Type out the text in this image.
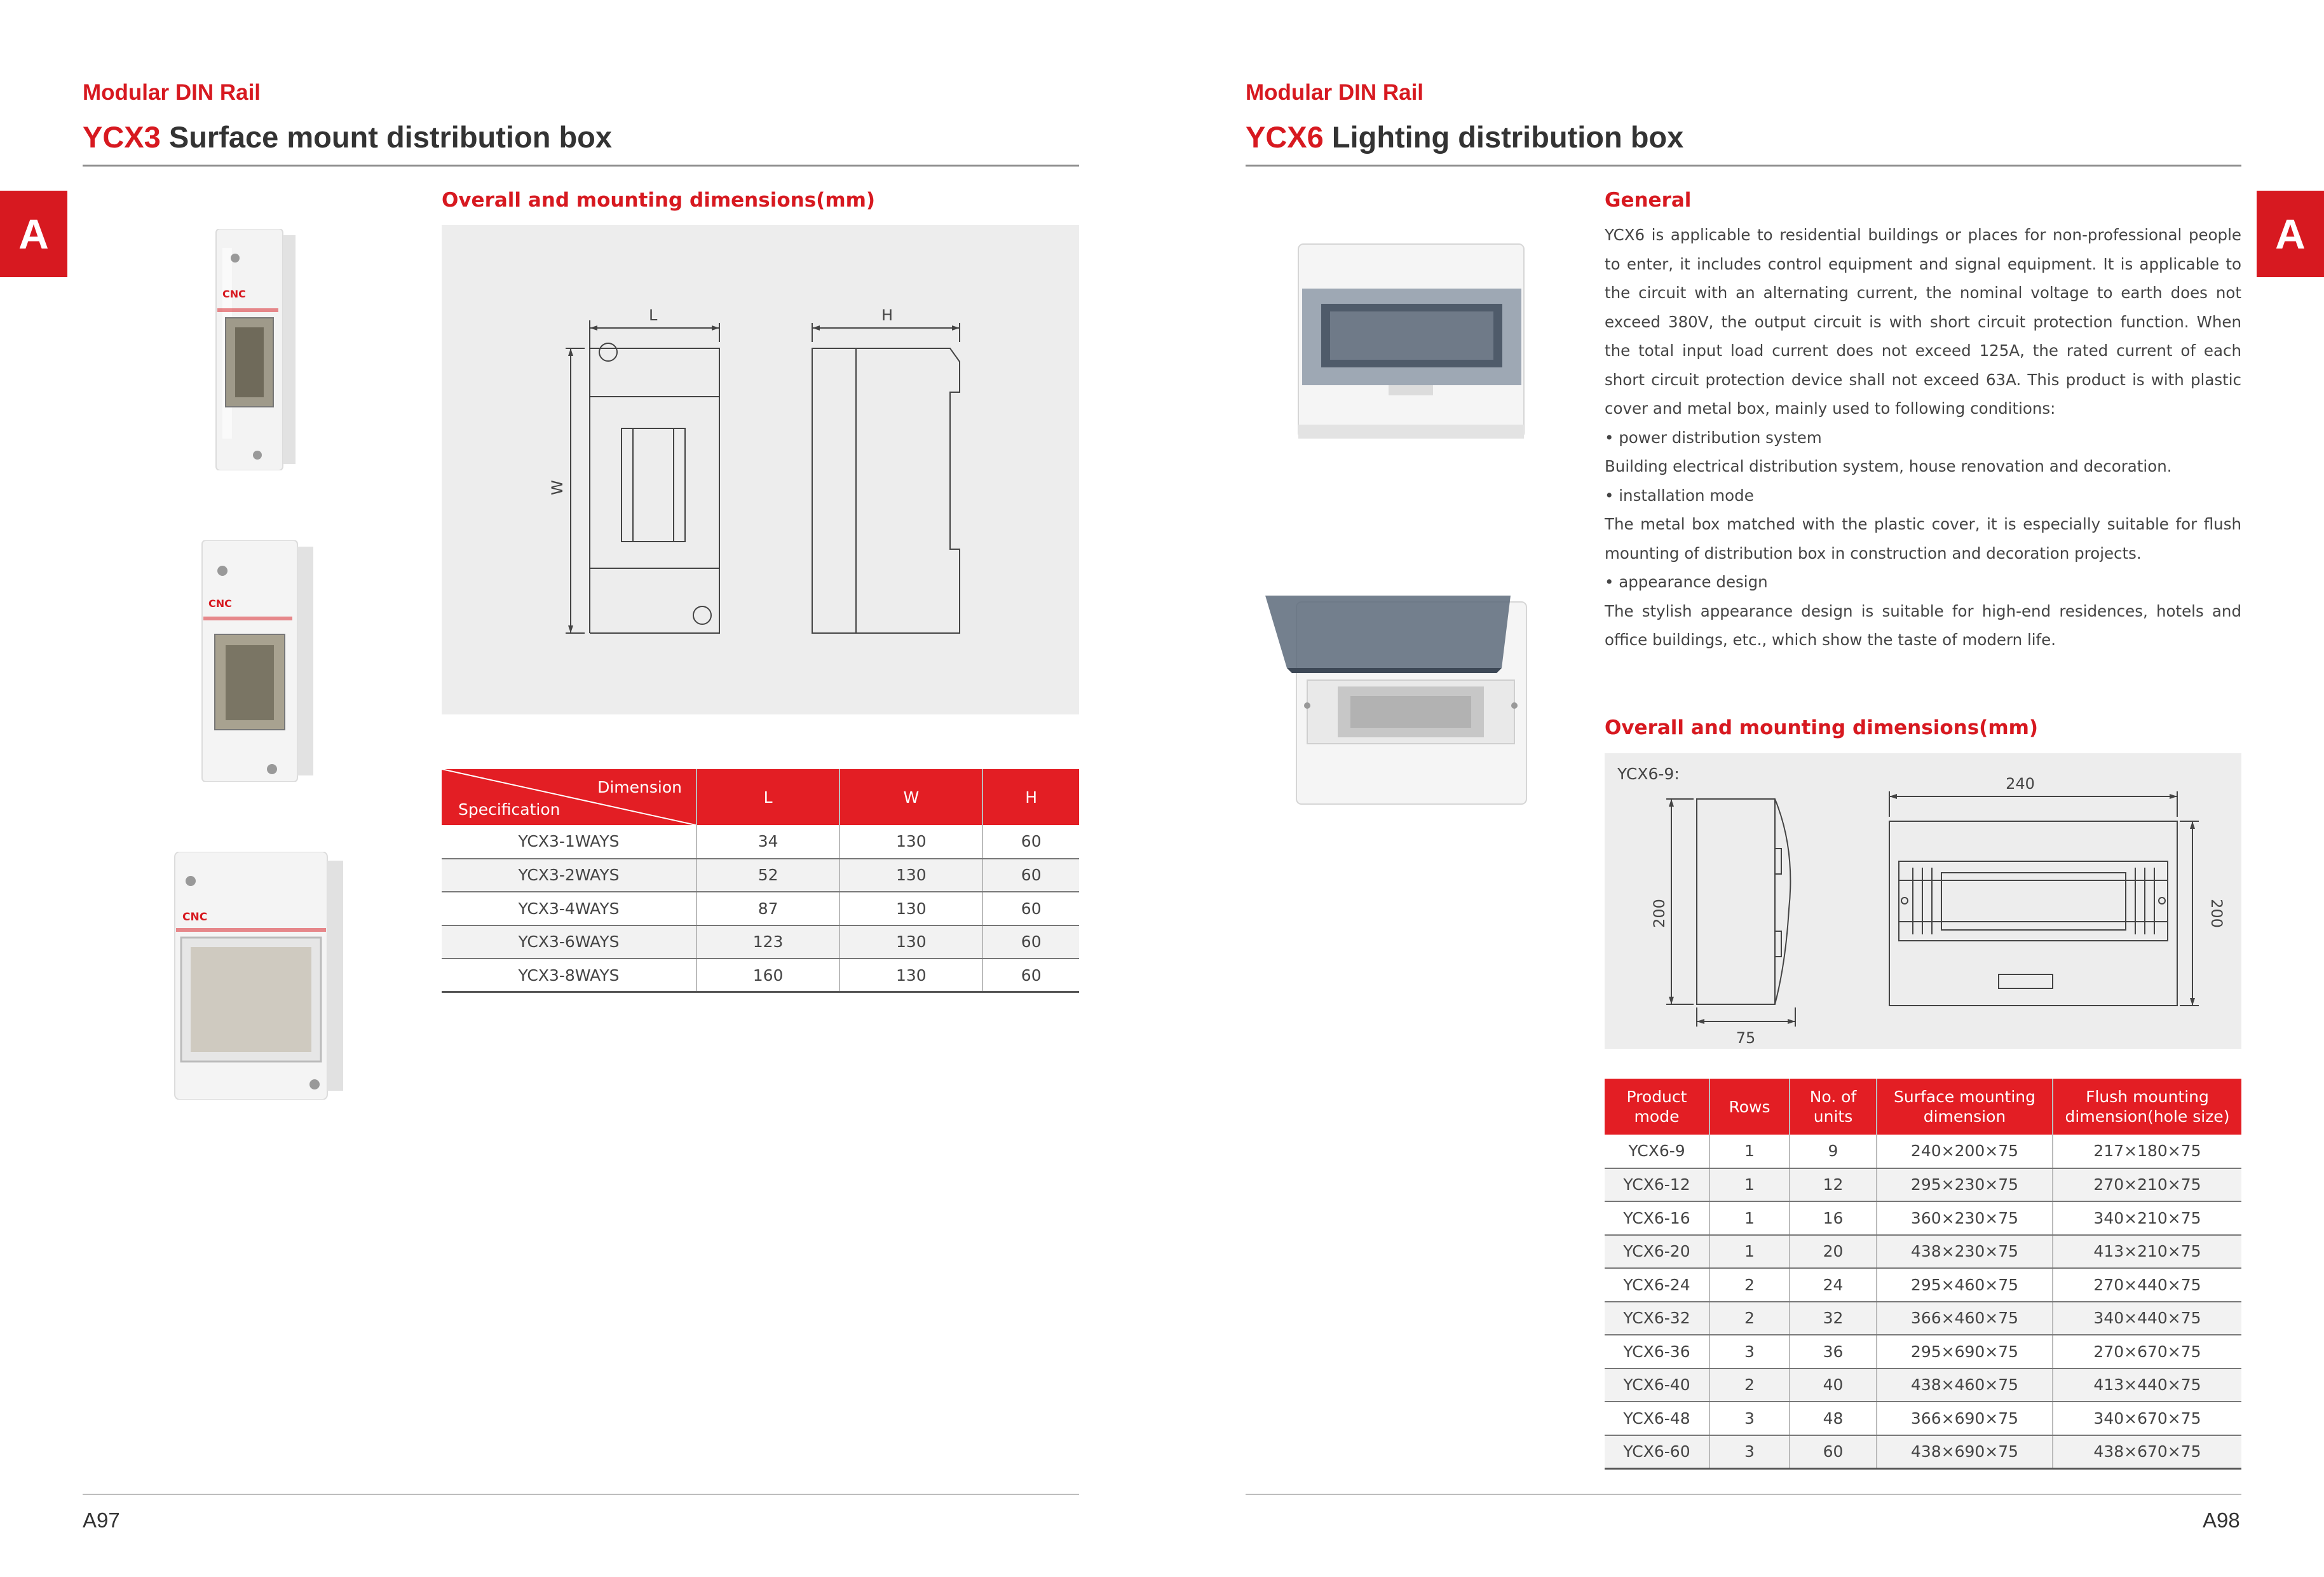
Modular DIN Rail
YCX3 Surface mount distribution box
A
CNC
CNC
CNC
Overall and mounting dimensions(mm)
L	H
W
Dimension
Specification	L	W	H
YCX3-1WAYS	34	130	60
YCX3-2WAYS	52	130	60
YCX3-4WAYS	87	130	60
YCX3-6WAYS	123	130	60
YCX3-8WAYS	160	130	60
A97
Modular DIN Rail
YCX6 Lighting distribution box
A
General

YCX6 is applicable to residential buildings or places for non-professional people to enter, it includes control equipment and signal equipment. It is applicable to the circuit with an alternating current, the nominal voltage to earth does not exceed 380V, the output circuit is with short circuit protection function. When the total input load current does not exceed 125A, the rated current of each short circuit protection device shall not exceed 63A. This product is with plastic cover and metal box, mainly used to following conditions:

• power distribution system

Building electrical distribution system, house renovation and decoration.

• installation mode

The metal box matched with the plastic cover, it is especially suitable for flush mounting of distribution box in construction and decoration projects.

• appearance design

The stylish appearance design is suitable for high-end residences, hotels and office buildings, etc., which show the taste of modern life.

Overall and mounting dimensions(mm)
YCX6-9:
200
75
240
200
Product mode	Rows	No. of units	Surface mounting dimension	Flush mounting dimension(hole size)
YCX6-9	1	9	240×200×75	217×180×75
YCX6-12	1	12	295×230×75	270×210×75
YCX6-16	1	16	360×230×75	340×210×75
YCX6-20	1	20	438×230×75	413×210×75
YCX6-24	2	24	295×460×75	270×440×75
YCX6-32	2	32	366×460×75	340×440×75
YCX6-36	3	36	295×690×75	270×670×75
YCX6-40	2	40	438×460×75	413×440×75
YCX6-48	3	48	366×690×75	340×670×75
YCX6-60	3	60	438×690×75	438×670×75
A98
